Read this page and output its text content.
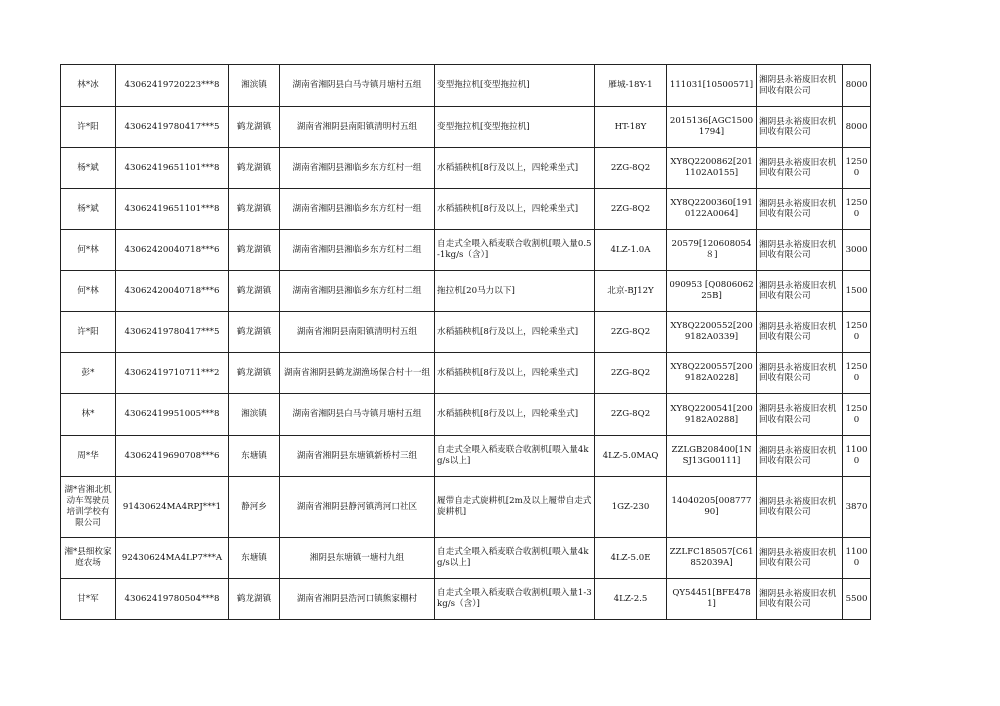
林*冰	43062419720223***8	湘滨镇	湖南省湘阴县白马寺镇月塘村五组	变型拖拉机[变型拖拉机]	雁城-18Y-1	111031[10500571]	湘阴县永裕废旧农机回收有限公司	8000
许*阳	43062419780417***5	鹤龙湖镇	湖南省湘阴县南阳镇清明村五组	变型拖拉机[变型拖拉机]	HT-18Y	2015136[AGC15001794]	湘阴县永裕废旧农机回收有限公司	8000
杨*斌	43062419651101***8	鹤龙湖镇	湖南省湘阴县湘临乡东方红村一组	水稻插秧机[8行及以上，四轮乘坐式]	2ZG-8Q2	XY8Q2200862[2011102A0155]	湘阴县永裕废旧农机回收有限公司	12500
杨*斌	43062419651101***8	鹤龙湖镇	湖南省湘阴县湘临乡东方红村一组	水稻插秧机[8行及以上，四轮乘坐式]	2ZG-8Q2	XY8Q2200360[1910122A0064]	湘阴县永裕废旧农机回收有限公司	12500
何*林	43062420040718***6	鹤龙湖镇	湖南省湘阴县湘临乡东方红村二组	自走式全喂入稻麦联合收割机[喂入量0.5-1kg/s（含）]	4LZ-1.0A	20579[120608054８]	湘阴县永裕废旧农机回收有限公司	3000
何*林	43062420040718***6	鹤龙湖镇	湖南省湘阴县湘临乡东方红村二组	拖拉机[20马力以下]	北京-BJ12Y	090953 [Q080606225B]	湘阴县永裕废旧农机回收有限公司	1500
许*阳	43062419780417***5	鹤龙湖镇	湖南省湘阴县南阳镇清明村五组	水稻插秧机[8行及以上，四轮乘坐式]	2ZG-8Q2	XY8Q2200552[2009182A0339]	湘阴县永裕废旧农机回收有限公司	12500
彭*	43062419710711***2	鹤龙湖镇	湖南省湘阴县鹤龙湖渔场保合村十一组	水稻插秧机[8行及以上，四轮乘坐式]	2ZG-8Q2	XY8Q2200557[2009182A0228]	湘阴县永裕废旧农机回收有限公司	12500
林*	43062419951005***8	湘滨镇	湖南省湘阴县白马寺镇月塘村五组	水稻插秧机[8行及以上，四轮乘坐式]	2ZG-8Q2	XY8Q2200541[2009182A0288]	湘阴县永裕废旧农机回收有限公司	12500
周*华	43062419690708***6	东塘镇	湖南省湘阴县东塘镇新桥村三组	自走式全喂入稻麦联合收割机[喂入量4kg/s以上]	4LZ-5.0MAQ	ZZLGB208400[1NSJ13G00111]	湘阴县永裕废旧农机回收有限公司	11000
湖*省湘北机动车驾驶员培训学校有限公司	91430624MA4RPJ***1	静河乡	湖南省湘阴县静河镇湾河口社区	履带自走式旋耕机[2m及以上履带自走式旋耕机]	1GZ-230	14040205[00877790]	湘阴县永裕废旧农机回收有限公司	3870
湘*县细枚家庭农场	92430624MA4LP7***A	东塘镇	湘阴县东塘镇一塘村九组	自走式全喂入稻麦联合收割机[喂入量4kg/s以上]	4LZ-5.0E	ZZLFC185057[C61852039A]	湘阴县永裕废旧农机回收有限公司	11000
甘*军	43062419780504***8	鹤龙湖镇	湖南省湘阴县浩河口镇熊家棚村	自走式全喂入稻麦联合收割机[喂入量1-3kg/s（含）]	4LZ-2.5	QY54451[BFE4781]	湘阴县永裕废旧农机回收有限公司	5500
